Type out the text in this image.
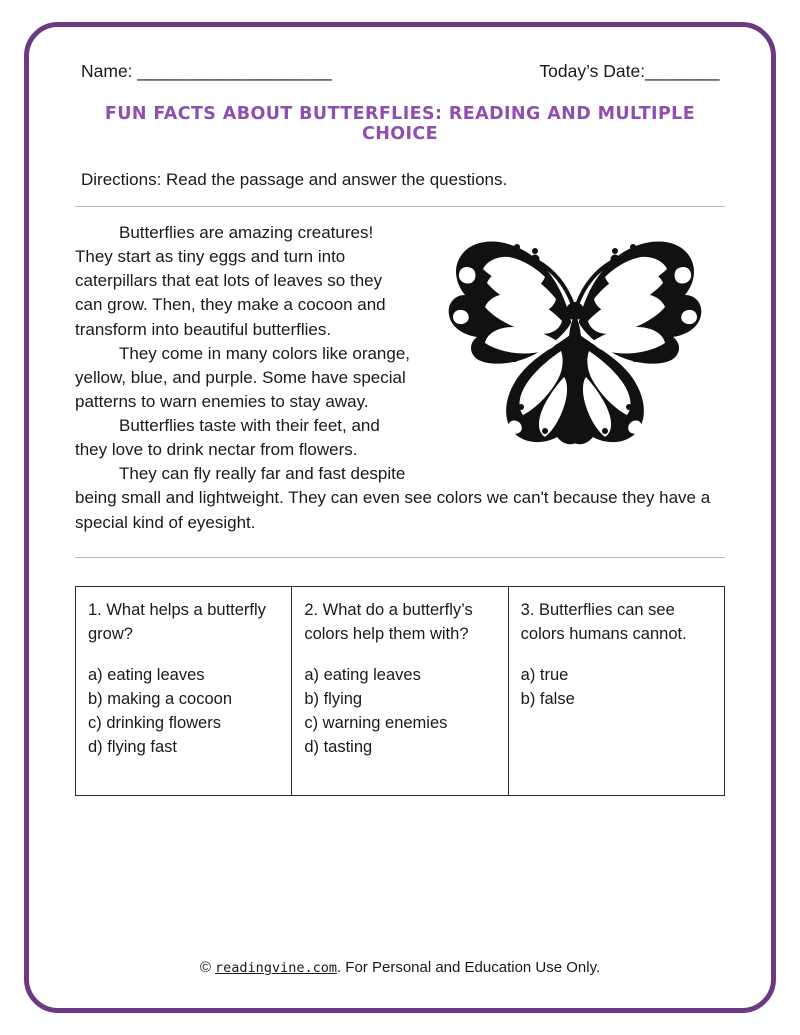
Name: _____________________	Today’s Date:________
FUN FACTS ABOUT BUTTERFLIES: READING AND MULTIPLE CHOICE
Directions: Read the passage and answer the questions.

Butterflies are amazing creatures! They start as tiny eggs and turn into caterpillars that eat lots of leaves so they can grow. Then, they make a cocoon and transform into beautiful butterflies.

They come in many colors like orange, yellow, blue, and purple. Some have special patterns to warn enemies to stay away.

Butterflies taste with their feet, and they love to drink nectar from flowers.

They can fly really far and fast despite being small and lightweight. They can even see colors we can't because they have a special kind of eyesight.

1. What helps a butterfly grow?

a) eating leaves

b) making a cocoon

c) drinking flowers

d) flying fast

2. What do a butterfly’s colors help them with?

a) eating leaves

b) flying

c) warning enemies

d) tasting

3. Butterflies can see colors humans cannot.

a) true

b) false

© readingvine.com. For Personal and Education Use Only.
